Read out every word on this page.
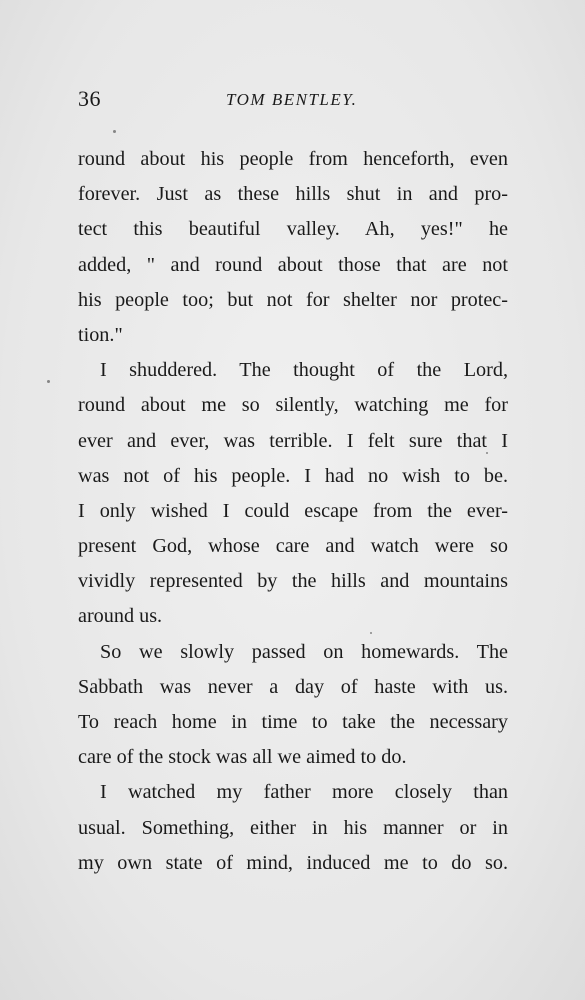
36	TOM BENTLEY.
round about his people from henceforth, even
forever. Just as these hills shut in and pro-
tect this beautiful valley. Ah, yes!" he
added, " and round about those that are not
his people too; but not for shelter nor protec-
tion."
I shuddered. The thought of the Lord,
round about me so silently, watching me for
ever and ever, was terrible. I felt sure that I
was not of his people. I had no wish to be.
I only wished I could escape from the ever-
present God, whose care and watch were so
vividly represented by the hills and mountains
around us.
So we slowly passed on homewards. The
Sabbath was never a day of haste with us.
To reach home in time to take the necessary
care of the stock was all we aimed to do.
I watched my father more closely than
usual. Something, either in his manner or in
my own state of mind, induced me to do so.
